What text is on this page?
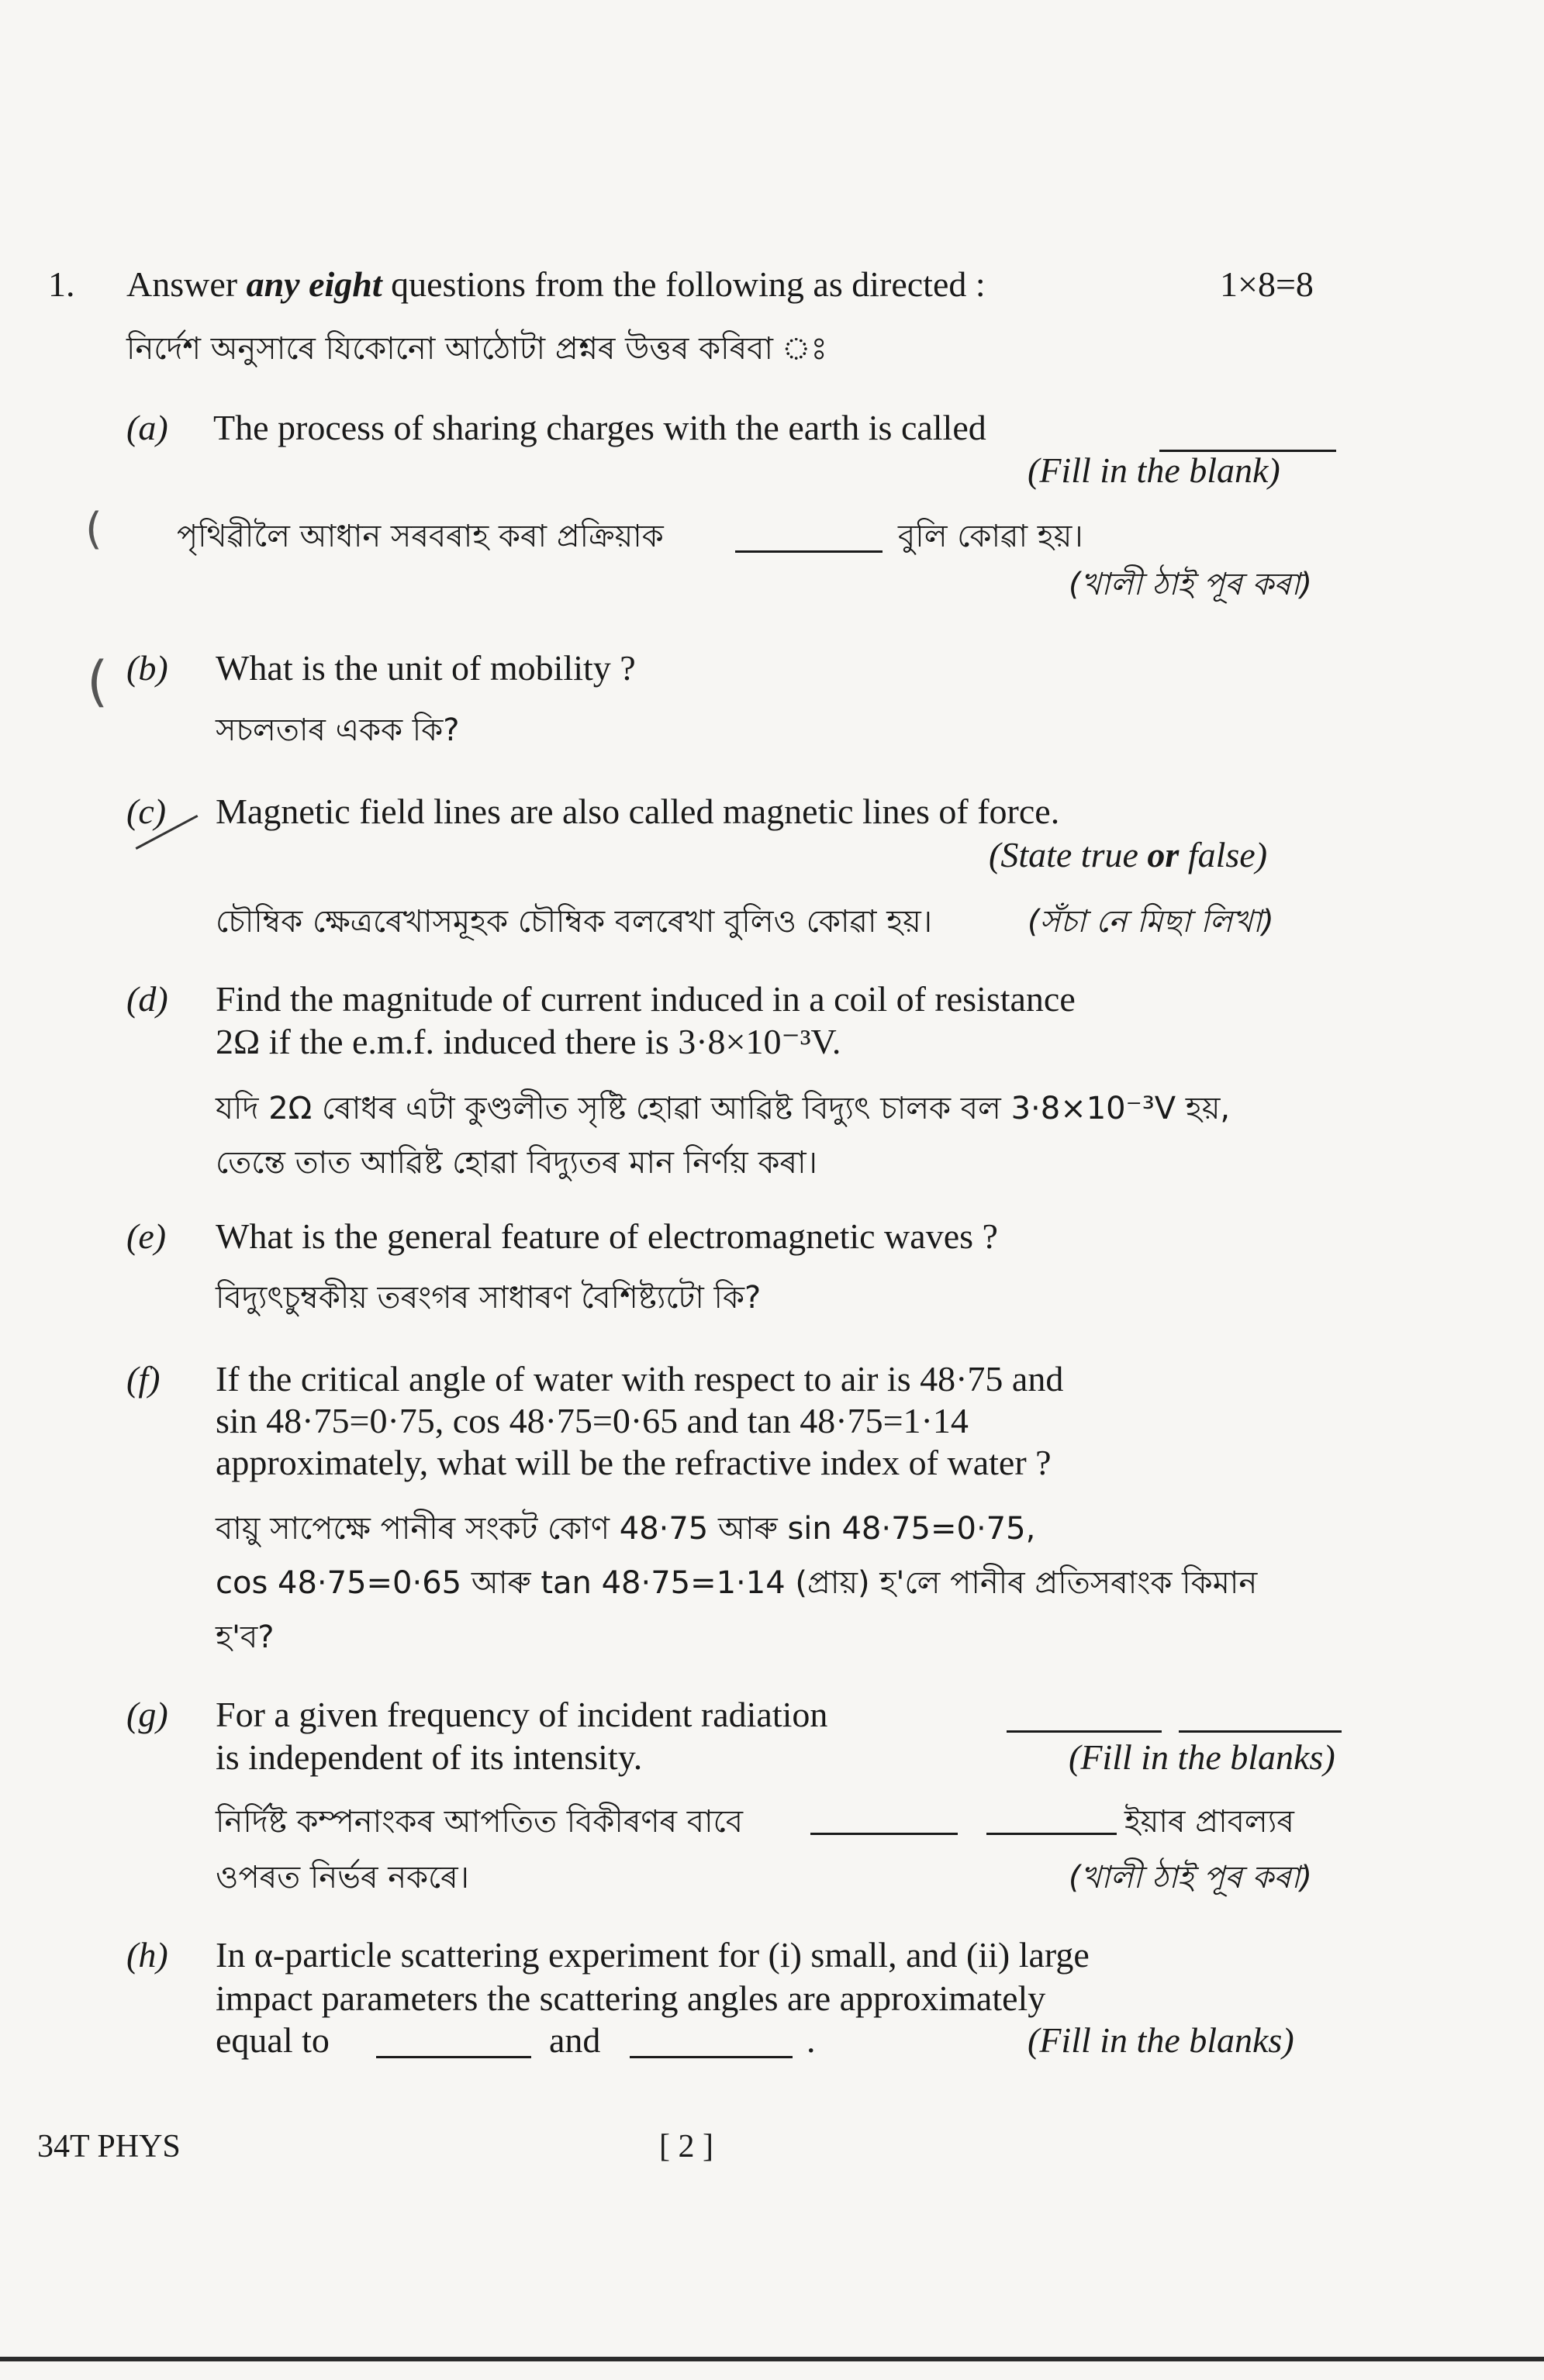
1. Answer any eight questions from the following as directed :	1×8=8
নির্দেশ অনুসাৰে যিকোনো আঠোটা প্ৰশ্নৰ উত্তৰ কৰিবা ঃ
(a) The process of sharing charges with the earth is called
(Fill in the blank)
( পৃথিৱীলৈ আধান সৰবৰাহ কৰা প্ৰক্ৰিয়াক	বুলি কোৱা হয়।
(খালী ঠাই পূৰ কৰা)
( (b) What is the unit of mobility ?
সচলতাৰ একক কি?
(c) Magnetic field lines are also called magnetic lines of force.
(State true or false)
চৌম্বিক ক্ষেত্ৰৰেখাসমূহক চৌম্বিক বলৰেখা বুলিও কোৱা হয়।	(সঁচা নে মিছা লিখা)
(d) Find the magnitude of current induced in a coil of resistance
2Ω if the e.m.f. induced there is 3·8×10⁻³V.
যদি 2Ω ৰোধৰ এটা কুণ্ডলীত সৃষ্টি হোৱা আৱিষ্ট বিদ্যুৎ চালক বল 3·8×10⁻³V হয়,
তেন্তে তাত আৱিষ্ট হোৱা বিদ্যুতৰ মান নিৰ্ণয় কৰা।
(e) What is the general feature of electromagnetic waves ?
বিদ্যুৎচুম্বকীয় তৰংগৰ সাধাৰণ বৈশিষ্ট্যটো কি?
(f) If the critical angle of water with respect to air is 48·75 and
sin 48·75=0·75, cos 48·75=0·65 and tan 48·75=1·14
approximately, what will be the refractive index of water ?
বায়ু সাপেক্ষে পানীৰ সংকট কোণ 48·75 আৰু sin 48·75=0·75,
cos 48·75=0·65 আৰু tan 48·75=1·14 (প্ৰায়) হ'লে পানীৰ প্ৰতিসৰাংক কিমান
হ'ব?
(g) For a given frequency of incident radiation
is independent of its intensity.	(Fill in the blanks)
নিৰ্দিষ্ট কম্পনাংকৰ আপতিত বিকীৰণৰ বাবে	ইয়াৰ প্ৰাবল্যৰ
ওপৰত নিৰ্ভৰ নকৰে।	(খালী ঠাই পূৰ কৰা)
(h) In α-particle scattering experiment for (i) small, and (ii) large
impact parameters the scattering angles are approximately
equal to	and	.	(Fill in the blanks)
34T PHYS	[ 2 ]
